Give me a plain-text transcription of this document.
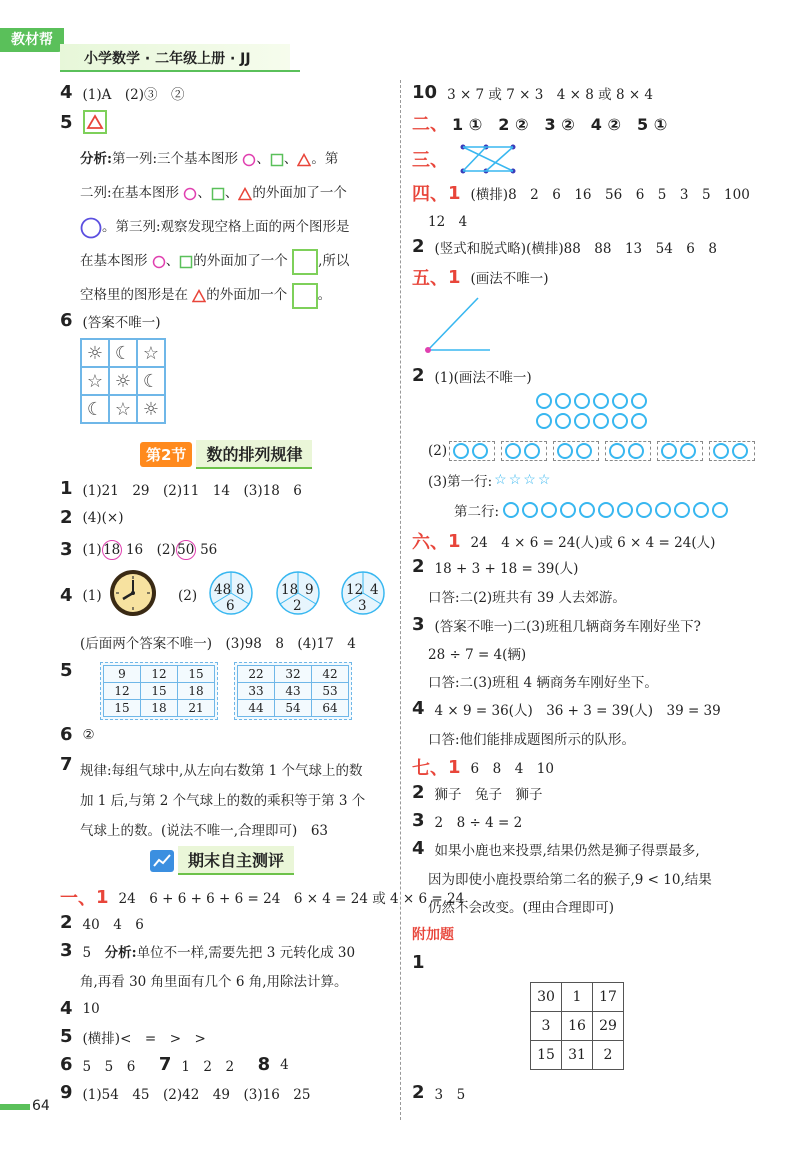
教材帮
小学数学 · 二年级上册 · JJ
4 (1)A　(2)③　②
5
分析:第一列:三个基本图形 、 、 。第
二列:在基本图形 、 、 的外面加了一个
。第三列:观察发现空格上面的两个图形是
在基本图形 、 的外面加了一个 ,所以
空格里的图形是在 的外面加一个 。
6 (答案不唯一)
☼ ☾ ☆
☆ ☼ ☾
☾ ☆ ☼
第2节	数的排列规律
1 (1)21　29　(2)11　14　(3)18　6
2 (4)(×)
3 (1)18 16　(2)50 56
4 (1)	(2) 48 8
6
18 9
2
12 4
3
(后面两个答案不唯一)　(3)98　8　(4)17　4
5	9	12	15
12	15	18
15	18	21
22	32	42
33	43	53
44	54	64
6 ②
7 规律:每组气球中,从左向右数第 1 个气球上的数
加 1 后,与第 2 个气球上的数的乘积等于第 3 个
气球上的数。(说法不唯一,合理即可)　63
期末自主测评
一、 1 24　6 + 6 + 6 + 6 = 24　6 × 4 = 24 或 4 × 6 = 24
2 40　4　6
3 5　分析:单位不一样,需要先把 3 元转化成 30
角,再看 30 角里面有几个 6 角,用除法计算。
4 10
5 (横排)<　=　>　>
6 5　5　6　 7 1　2　2　 8 4
9 (1)54　45　(2)42　49　(3)16　25
10 3 × 7 或 7 × 3　4 × 8 或 8 × 4
二、 1 ①　2 ②　3 ②　4 ②　5 ①
三、
四、 1 (横排)8　2　6　16　56　6　5　3　5　100
12　4
2 (竖式和脱式略)(横排)88　88　13　54　6　8
五、 1 (画法不唯一)
2 (1)(画法不唯一)
(2)
(3)第一行: ☆☆☆☆
第二行:
六、 1 24　4 × 6 = 24(人)或 6 × 4 = 24(人)
2 18 + 3 + 18 = 39(人)
口答:二(2)班共有 39 人去郊游。
3 (答案不唯一)二(3)班租几辆商务车刚好坐下?
28 ÷ 7 = 4(辆)
口答:二(3)班租 4 辆商务车刚好坐下。
4 4 × 9 = 36(人)　36 + 3 = 39(人)　39 = 39
口答:他们能排成题图所示的队形。
七、 1 6　8　4　10
2 狮子　兔子　狮子
3 2　8 ÷ 4 = 2
4 如果小鹿也来投票,结果仍然是狮子得票最多,
因为即使小鹿投票给第二名的猴子,9 < 10,结果
仍然不会改变。(理由合理即可)
附加题
1
30	1	17
3	16	29
15	31	2
2 3　5
64
